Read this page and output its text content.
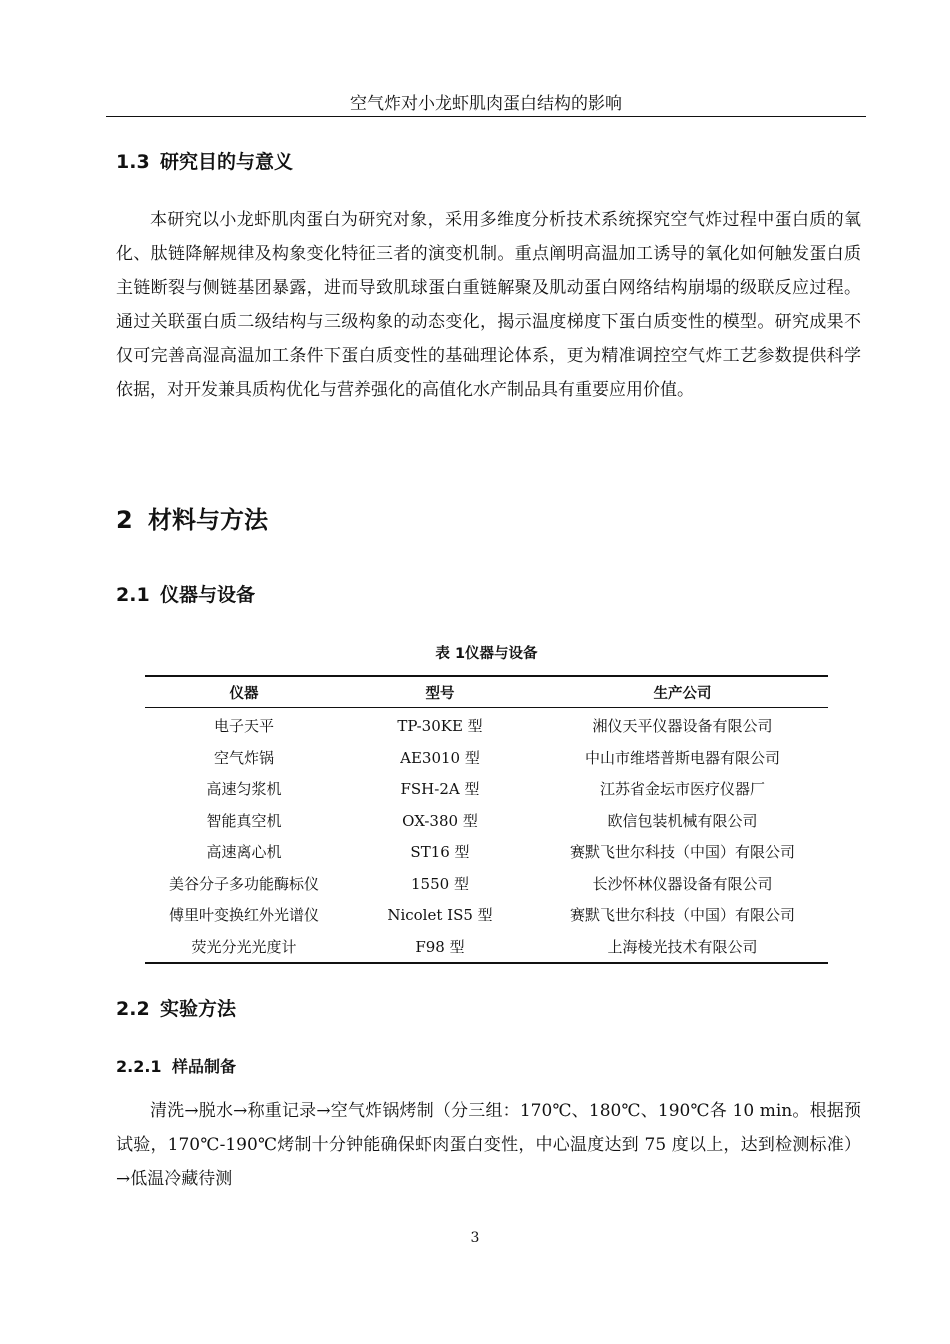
空气炸对小龙虾肌肉蛋白结构的影响
1.3 研究目的与意义

本研究以小龙虾肌肉蛋白为研究对象，采用多维度分析技术系统探究空气炸过程中蛋白质的氧化、肽链降解规律及构象变化特征三者的演变机制。重点阐明高温加工诱导的氧化如何触发蛋白质主链断裂与侧链基团暴露，进而导致肌球蛋白重链解聚及肌动蛋白网络结构崩塌的级联反应过程。通过关联蛋白质二级结构与三级构象的动态变化，揭示温度梯度下蛋白质变性的模型。研究成果不仅可完善高湿高温加工条件下蛋白质变性的基础理论体系，更为精准调控空气炸工艺参数提供科学依据，对开发兼具质构优化与营养强化的高值化水产制品具有重要应用价值。

2 材料与方法
2.1 仪器与设备
表 1仪器与设备
仪器	型号	生产公司
电子天平	TP-30KE 型	湘仪天平仪器设备有限公司
空气炸锅	AE3010 型	中山市维塔普斯电器有限公司
高速匀浆机	FSH-2A 型	江苏省金坛市医疗仪器厂
智能真空机	OX-380 型	欧信包装机械有限公司
高速离心机	ST16 型	赛默飞世尔科技（中国）有限公司
美谷分子多功能酶标仪	1550 型	长沙怀林仪器设备有限公司
傅里叶变换红外光谱仪	Nicolet IS5 型	赛默飞世尔科技（中国）有限公司
荧光分光光度计	F98 型	上海棱光技术有限公司
2.2 实验方法
2.2.1 样品制备

清洗→脱水→称重记录→空气炸锅烤制（分三组：170℃、180℃、190℃各 10 min。根据预试验，170℃-190℃烤制十分钟能确保虾肉蛋白变性，中心温度达到 75 度以上，达到检测标准）→低温冷藏待测

3
